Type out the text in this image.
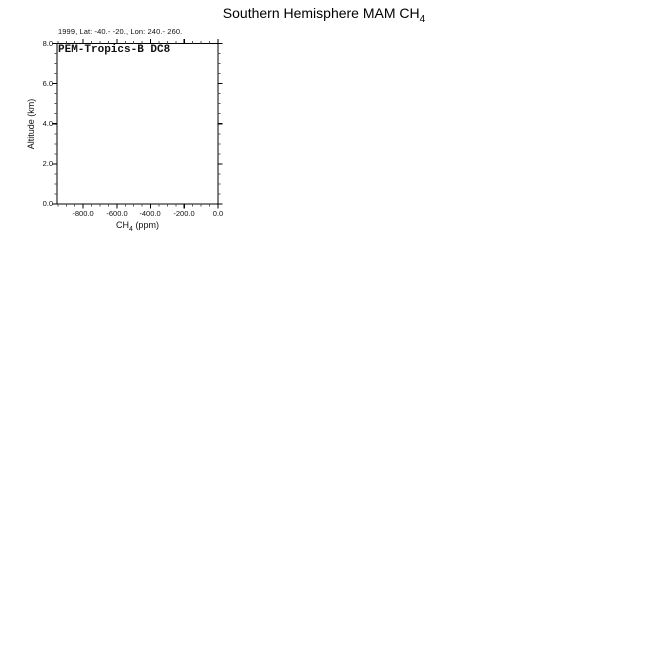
Southern Hemisphere MAM $CH_4$
1999, Lat: -40.- -20., Lon: 240.- 260.
PEM-Tropics-B DC8
Altitude (km)
$CH_4$ (ppm)
8.0
6.0
4.0
2.0
0.0
-800.0	-600.0	-400.0	-200.0	0.0
